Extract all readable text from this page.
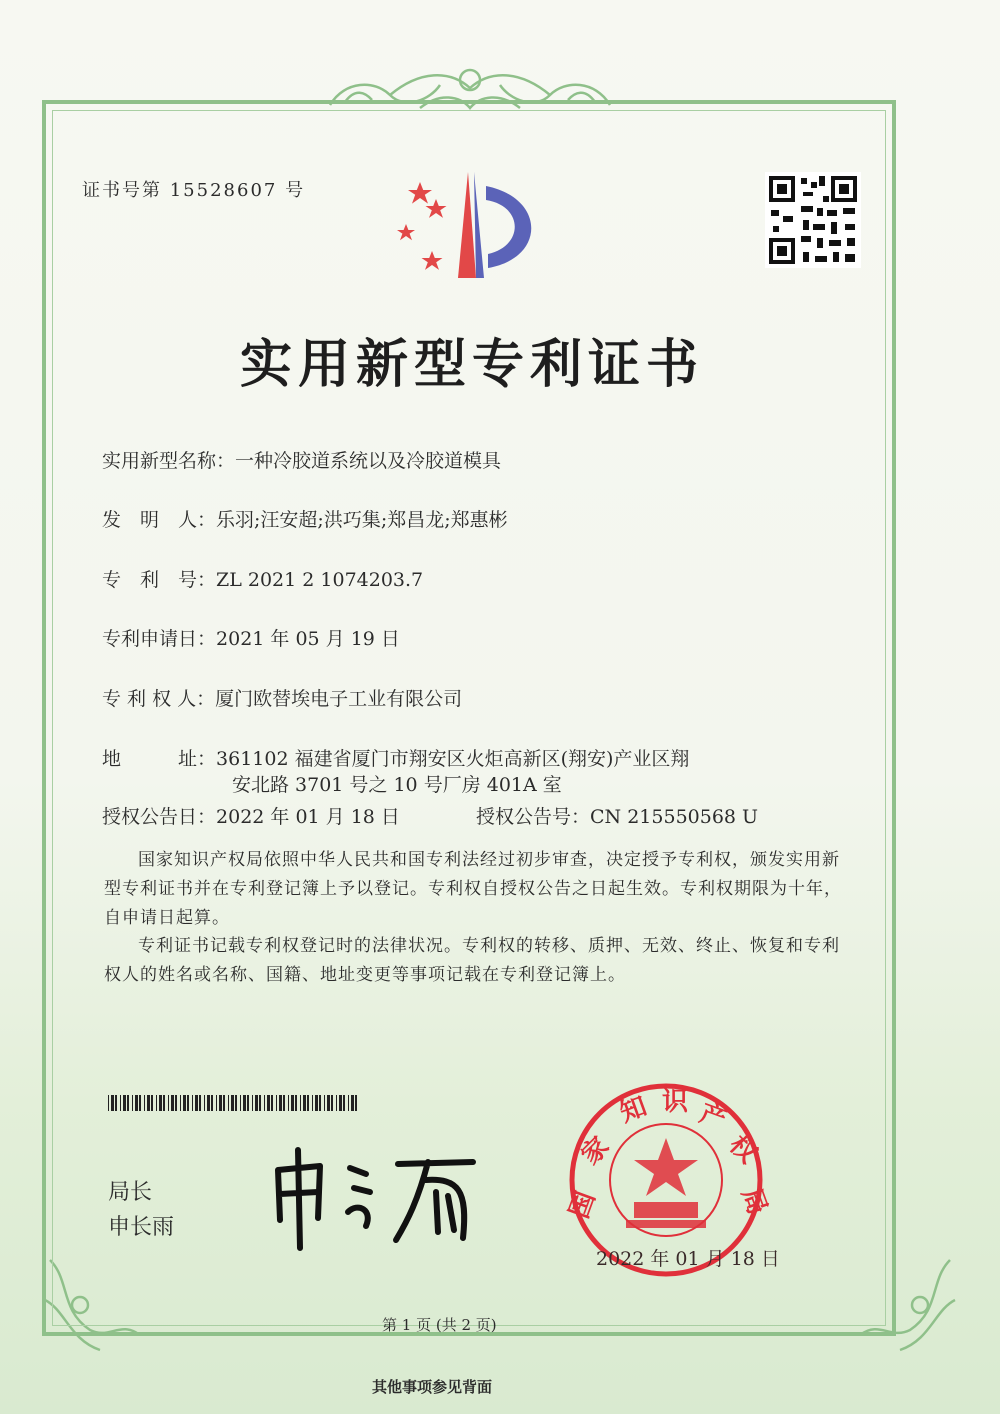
证书号第 15528607 号
实用新型专利证书
实用新型名称：一种冷胶道系统以及冷胶道模具
发　明　人：乐羽;汪安超;洪巧集;郑昌龙;郑惠彬
专　利　号：ZL 2021 2 1074203.7
专利申请日：2021 年 05 月 19 日
专 利 权 人：厦门欧替埃电子工业有限公司
地　　　址：361102 福建省厦门市翔安区火炬高新区(翔安)产业区翔
安北路 3701 号之 10 号厂房 401A 室
授权公告日：2022 年 01 月 18 日	授权公告号：CN 215550568 U
国家知识产权局依照中华人民共和国专利法经过初步审查，决定授予专利权，颁发实用新型专利证书并在专利登记簿上予以登记。专利权自授权公告之日起生效。专利权期限为十年，自申请日起算。
专利证书记载专利权登记时的法律状况。专利权的转移、质押、无效、终止、恢复和专利权人的姓名或名称、国籍、地址变更等事项记载在专利登记簿上。
局长
申长雨
国
家
知 识 产
权
局
2022 年 01 月 18 日
第 1 页 (共 2 页)
其他事项参见背面
